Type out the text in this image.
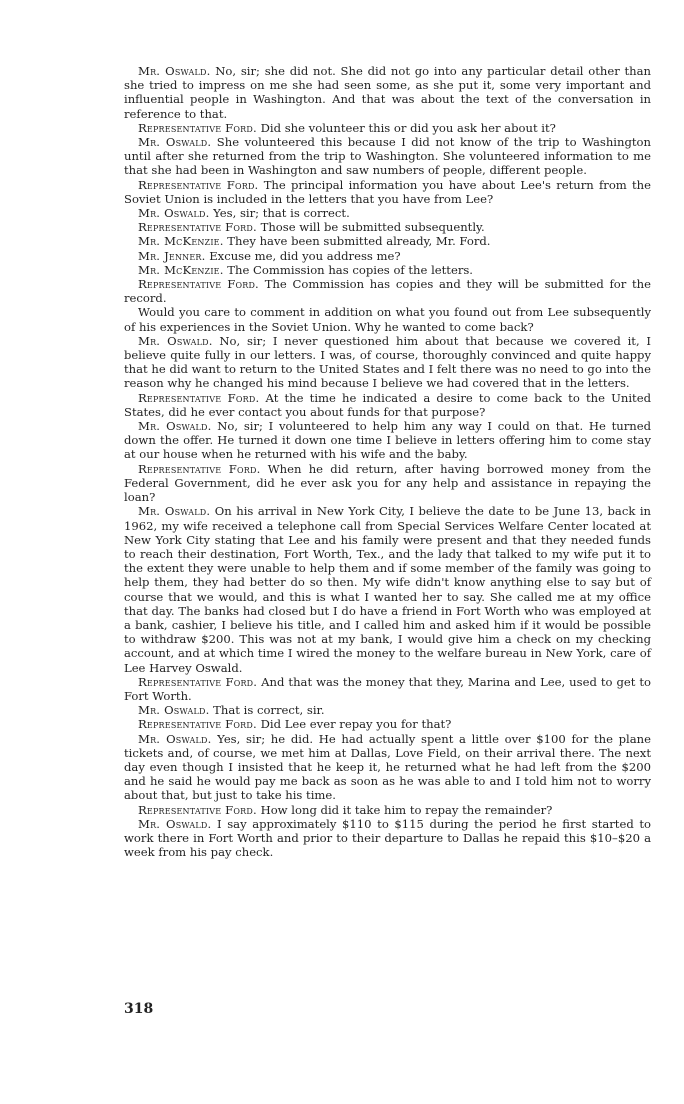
Mr. Oswald. No, sir; she did not. She did not go into any particular detail other than she tried to impress on me she had seen some, as she put it, some very important and influential people in Washington. And that was about the text of the conversation in reference to that.

Representative Ford. Did she volunteer this or did you ask her about it?

Mr. Oswald. She volunteered this because I did not know of the trip to Washington until after she returned from the trip to Washington. She volunteered information to me that she had been in Washington and saw numbers of people, different people.

Representative Ford. The principal information you have about Lee's return from the Soviet Union is included in the letters that you have from Lee?

Mr. Oswald. Yes, sir; that is correct.

Representative Ford. Those will be submitted subsequently.

Mr. McKenzie. They have been submitted already, Mr. Ford.

Mr. Jenner. Excuse me, did you address me?

Mr. McKenzie. The Commission has copies of the letters.

Representative Ford. The Commission has copies and they will be submitted for the record.

Would you care to comment in addition on what you found out from Lee subsequently of his experiences in the Soviet Union. Why he wanted to come back?

Mr. Oswald. No, sir; I never questioned him about that because we covered it, I believe quite fully in our letters. I was, of course, thoroughly convinced and quite happy that he did want to return to the United States and I felt there was no need to go into the reason why he changed his mind because I believe we had covered that in the letters.

Representative Ford. At the time he indicated a desire to come back to the United States, did he ever contact you about funds for that purpose?

Mr. Oswald. No, sir; I volunteered to help him any way I could on that. He turned down the offer. He turned it down one time I believe in letters offering him to come stay at our house when he returned with his wife and the baby.

Representative Ford. When he did return, after having borrowed money from the Federal Government, did he ever ask you for any help and assistance in repaying the loan?

Mr. Oswald. On his arrival in New York City, I believe the date to be June 13, back in 1962, my wife received a telephone call from Special Services Welfare Center located at New York City stating that Lee and his family were present and that they needed funds to reach their destination, Fort Worth, Tex., and the lady that talked to my wife put it to the extent they were unable to help them and if some member of the family was going to help them, they had better do so then. My wife didn't know anything else to say but of course that we would, and this is what I wanted her to say. She called me at my office that day. The banks had closed but I do have a friend in Fort Worth who was employed at a bank, cashier, I believe his title, and I called him and asked him if it would be possible to withdraw $200. This was not at my bank, I would give him a check on my checking account, and at which time I wired the money to the welfare bureau in New York, care of Lee Harvey Oswald.

Representative Ford. And that was the money that they, Marina and Lee, used to get to Fort Worth.

Mr. Oswald. That is correct, sir.

Representative Ford. Did Lee ever repay you for that?

Mr. Oswald. Yes, sir; he did. He had actually spent a little over $100 for the plane tickets and, of course, we met him at Dallas, Love Field, on their arrival there. The next day even though I insisted that he keep it, he returned what he had left from the $200 and he said he would pay me back as soon as he was able to and I told him not to worry about that, but just to take his time.

Representative Ford. How long did it take him to repay the remainder?

Mr. Oswald. I say approximately $110 to $115 during the period he first started to work there in Fort Worth and prior to their departure to Dallas he repaid this $10–$20 a week from his pay check.

318
